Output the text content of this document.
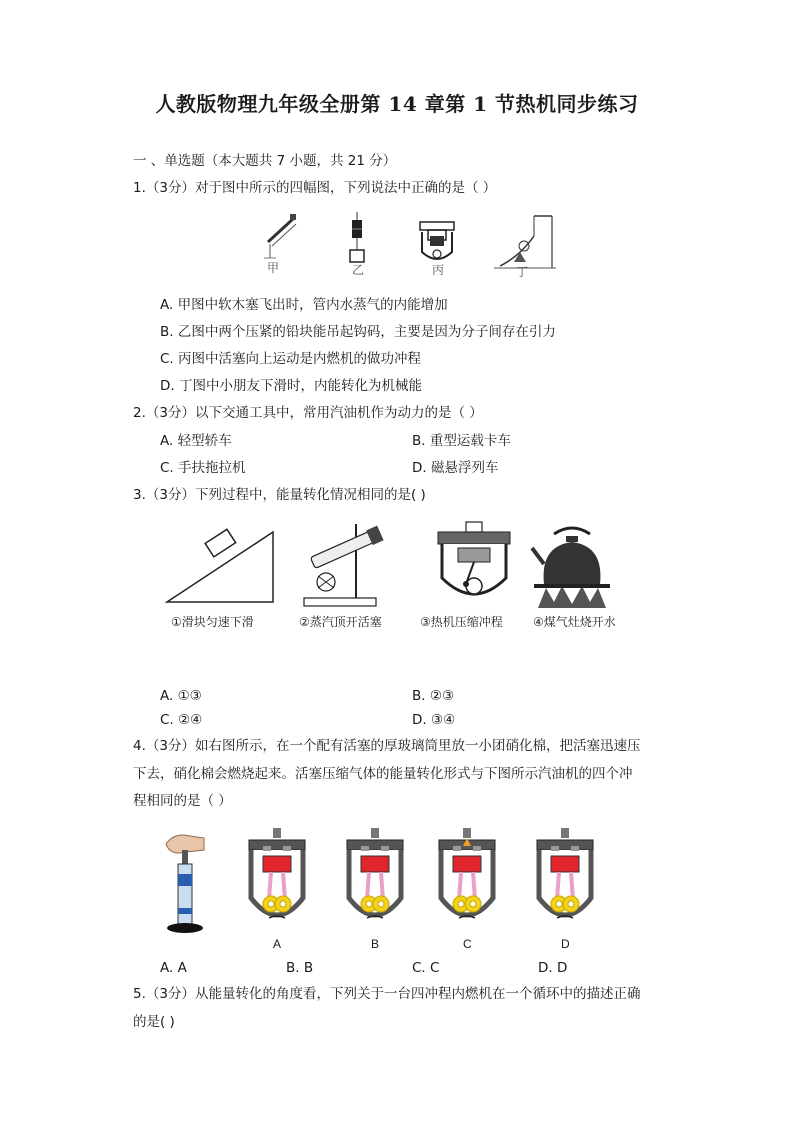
人教版物理九年级全册第 14 章第 1 节热机同步练习
一 、单选题（本大题共 7 小题，共 21 分）
1.（3分）对于图中所示的四幅图，下列说法中正确的是（ ）
甲	乙	丙	丁
A. 甲图中软木塞飞出时，管内水蒸气的内能增加
B. 乙图中两个压紧的铅块能吊起钩码，主要是因为分子间存在引力
C. 丙图中活塞向上运动是内燃机的做功冲程
D. 丁图中小朋友下滑时，内能转化为机械能
2.（3分）以下交通工具中，常用汽油机作为动力的是（ ）
A. 轻型轿车	B. 重型运载卡车
C. 手扶拖拉机	D. 磁悬浮列车
3.（3分）下列过程中，能量转化情况相同的是( )
①滑块匀速下滑	②蒸汽顶开活塞	③热机压缩冲程	④煤气灶烧开水
A. ①③	B. ②③
C. ②④	D. ③④
4.（3分）如右图所示，在一个配有活塞的厚玻璃筒里放一小团硝化棉，把活塞迅速压
下去，硝化棉会燃烧起来。活塞压缩气体的能量转化形式与下图所示汽油机的四个冲
程相同的是（ ）
A	B	C	D
A. A	B. B	C. C	D. D
5.（3分）从能量转化的角度看，下列关于一台四冲程内燃机在一个循环中的描述正确
的是( )
